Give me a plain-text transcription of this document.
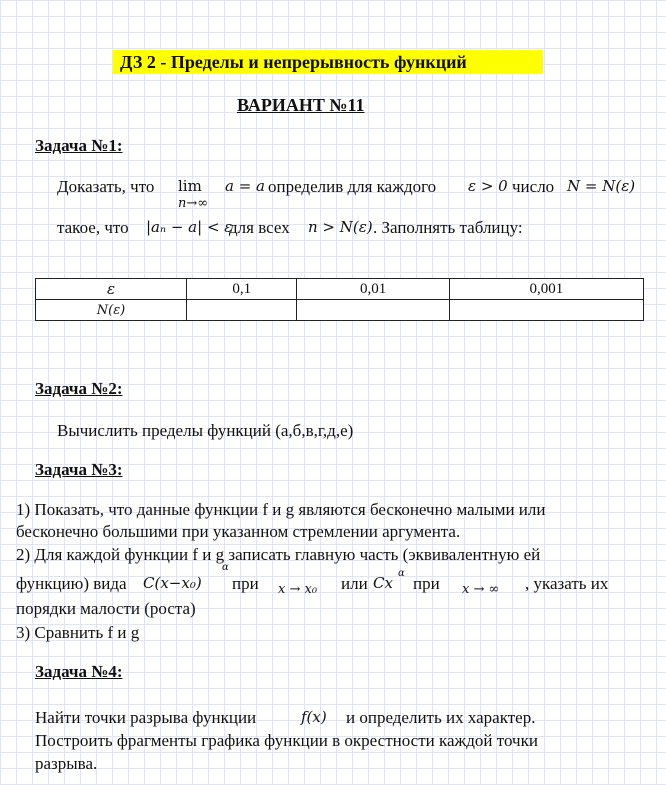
ДЗ 2 - Пределы и непрерывность функций
ВАРИАНТ №11
Задача №1:
Доказать, что lim
n→∞
a = a определив для каждого ε > 0 число N = N(ε)
такое, что |aₙ − a| < ε
для всех n > N(ε) . Заполнять таблицу:
ε	0,1	0,01	0,001
N(ε)			
Задача №2:
Вычислить пределы функций (а,б,в,г,д,е)
Задача №3:
1) Показать, что данные функции f и g являются бесконечно малыми или
бесконечно большими при указанном стремлении аргумента.
2) Для каждой функции f и g записать главную часть (эквивалентную ей
функцию) вида C(x−x₀)
α
при x → x₀ или Cx
α
при x → ∞ , указать их
порядки малости (роста)
3) Сравнить f и g
Задача №4:
Найти точки разрыва функции	f(x) и определить их характер.
Построить фрагменты графика функции в окрестности каждой точки
разрыва.
